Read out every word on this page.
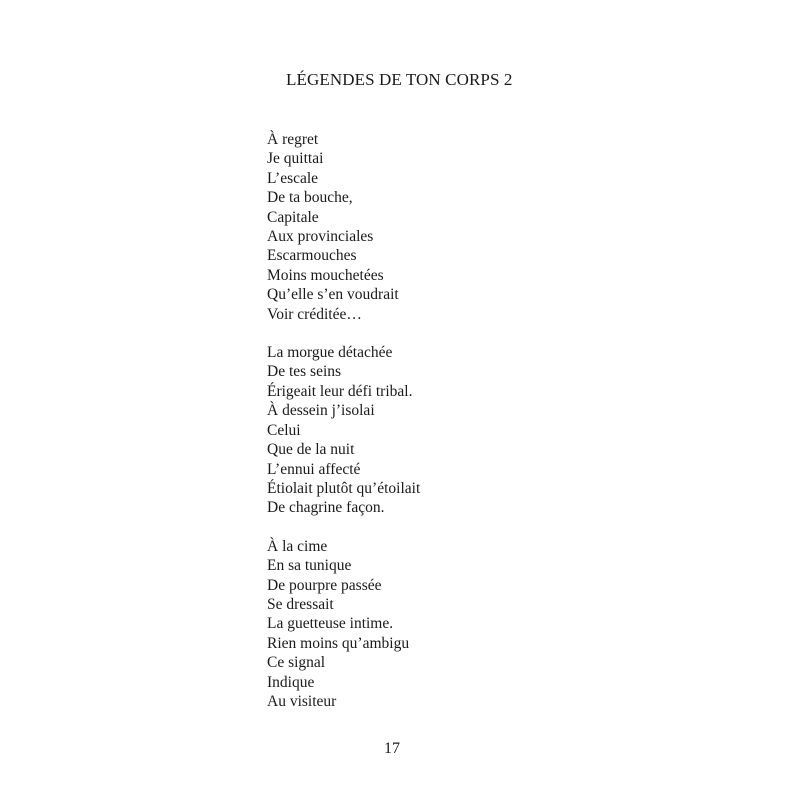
LÉGENDES DE TON CORPS 2
À regret
Je quittai
L’escale
De ta bouche,
Capitale
Aux provinciales
Escarmouches
Moins mouchetées
Qu’elle s’en voudrait
Voir créditée…
La morgue détachée
De tes seins
Érigeait leur défi tribal.
À dessein j’isolai
Celui
Que de la nuit
L’ennui affecté
Étiolait plutôt qu’étoilait
De chagrine façon.
À la cime
En sa tunique
De pourpre passée
Se dressait
La guetteuse intime.
Rien moins qu’ambigu
Ce signal
Indique
Au visiteur
17
